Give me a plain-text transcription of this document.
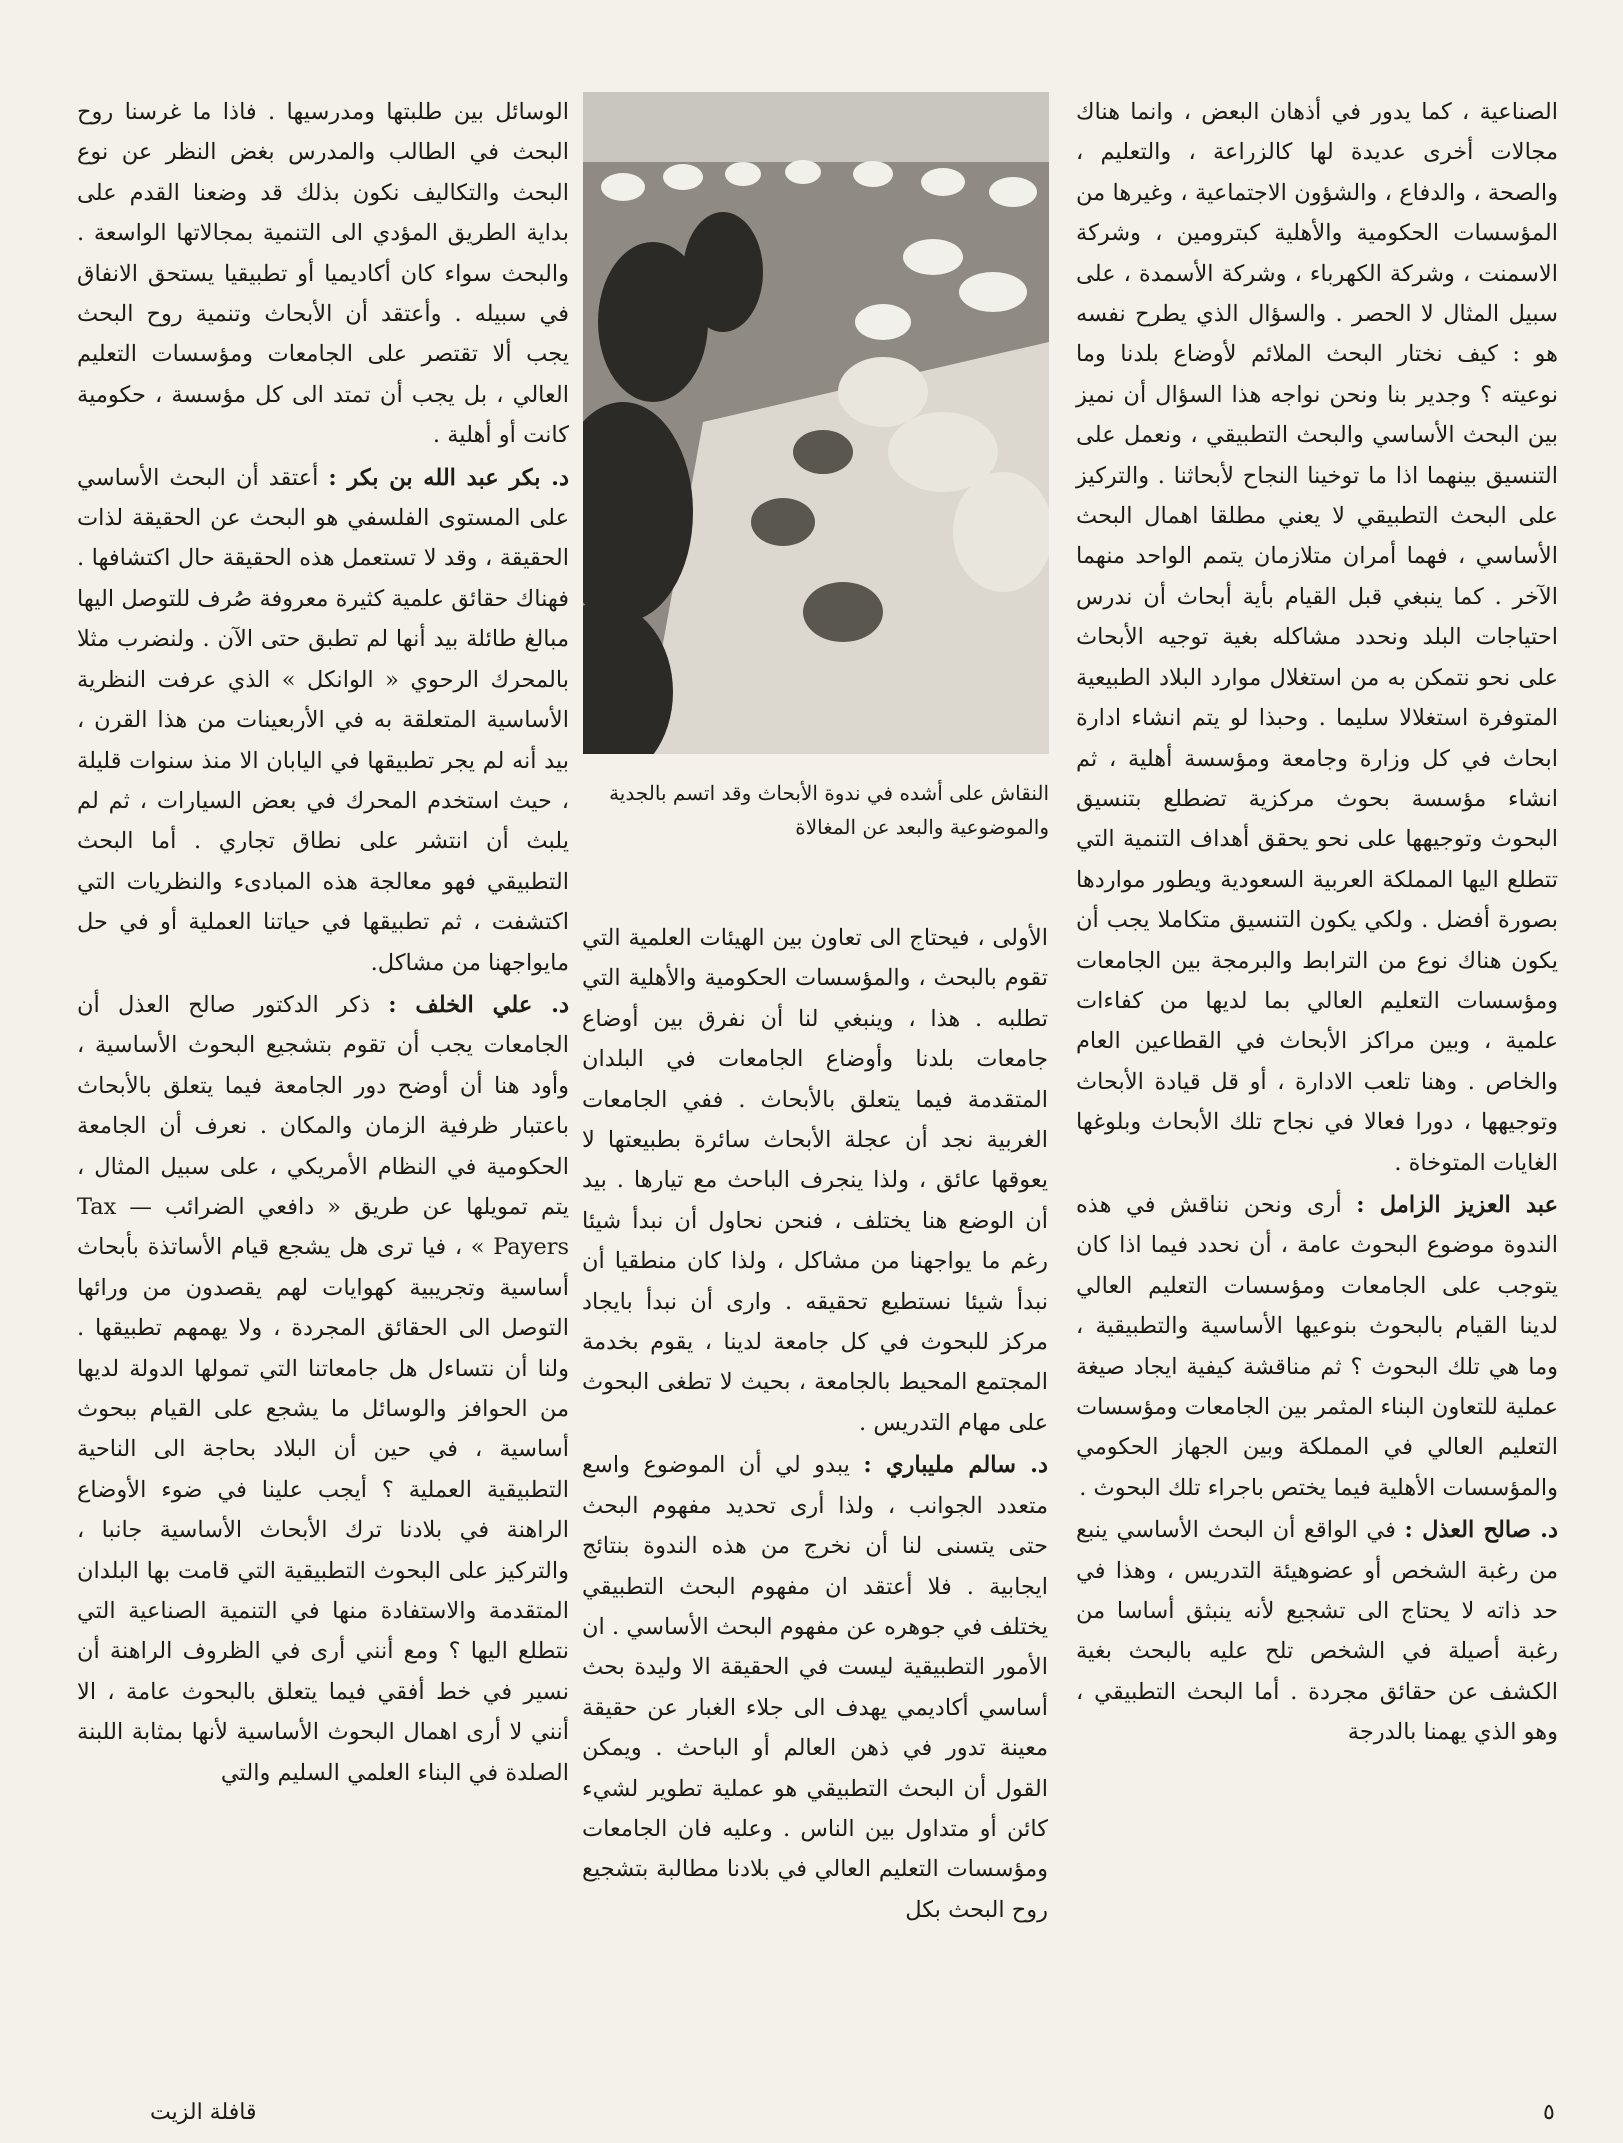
الصناعية ، كما يدور في أذهان البعض ، وانما هناك مجالات أخرى عديدة لها كالزراعة ، والتعليم ، والصحة ، والدفاع ، والشؤون الاجتماعية ، وغيرها من المؤسسات الحكومية والأهلية كبترومين ، وشركة الاسمنت ، وشركة الكهرباء ، وشركة الأسمدة ، على سبيل المثال لا الحصر . والسؤال الذي يطرح نفسه هو : كيف نختار البحث الملائم لأوضاع بلدنا وما نوعيته ؟ وجدير بنا ونحن نواجه هذا السؤال أن نميز بين البحث الأساسي والبحث التطبيقي ، ونعمل على التنسيق بينهما اذا ما توخينا النجاح لأبحاثنا . والتركيز على البحث التطبيقي لا يعني مطلقا اهمال البحث الأساسي ، فهما أمران متلازمان يتمم الواحد منهما الآخر . كما ينبغي قبل القيام بأية أبحاث أن ندرس احتياجات البلد ونحدد مشاكله بغية توجيه الأبحاث على نحو نتمكن به من استغلال موارد البلاد الطبيعية المتوفرة استغلالا سليما . وحبذا لو يتم انشاء ادارة ابحاث في كل وزارة وجامعة ومؤسسة أهلية ، ثم انشاء مؤسسة بحوث مركزية تضطلع بتنسيق البحوث وتوجيهها على نحو يحقق أهداف التنمية التي تتطلع اليها المملكة العربية السعودية ويطور مواردها بصورة أفضل . ولكي يكون التنسيق متكاملا يجب أن يكون هناك نوع من الترابط والبرمجة بين الجامعات ومؤسسات التعليم العالي بما لديها من كفاءات علمية ، وبين مراكز الأبحاث في القطاعين العام والخاص . وهنا تلعب الادارة ، أو قل قيادة الأبحاث وتوجيهها ، دورا فعالا في نجاح تلك الأبحاث وبلوغها الغايات المتوخاة .

عبد العزيز الزامل : أرى ونحن نناقش في هذه الندوة موضوع البحوث عامة ، أن نحدد فيما اذا كان يتوجب على الجامعات ومؤسسات التعليم العالي لدينا القيام بالبحوث بنوعيها الأساسية والتطبيقية ، وما هي تلك البحوث ؟ ثم مناقشة كيفية ايجاد صيغة عملية للتعاون البناء المثمر بين الجامعات ومؤسسات التعليم العالي في المملكة وبين الجهاز الحكومي والمؤسسات الأهلية فيما يختص باجراء تلك البحوث .

د. صالح العذل : في الواقع أن البحث الأساسي ينبع من رغبة الشخص أو عضوهيئة التدريس ، وهذا في حد ذاته لا يحتاج الى تشجيع لأنه ينبثق أساسا من رغبة أصيلة في الشخص تلح عليه بالبحث بغية الكشف عن حقائق مجردة . أما البحث التطبيقي ، وهو الذي يهمنا بالدرجة

النقاش على أشده في ندوة الأبحاث وقد اتسم بالجدية والموضوعية والبعد عن المغالاة

الأولى ، فيحتاج الى تعاون بين الهيئات العلمية التي تقوم بالبحث ، والمؤسسات الحكومية والأهلية التي تطلبه . هذا ، وينبغي لنا أن نفرق بين أوضاع جامعات بلدنا وأوضاع الجامعات في البلدان المتقدمة فيما يتعلق بالأبحاث . ففي الجامعات الغربية نجد أن عجلة الأبحاث سائرة بطبيعتها لا يعوقها عائق ، ولذا ينجرف الباحث مع تيارها . بيد أن الوضع هنا يختلف ، فنحن نحاول أن نبدأ شيئا رغم ما يواجهنا من مشاكل ، ولذا كان منطقيا أن نبدأ شيئا نستطيع تحقيقه . وارى أن نبدأ بايجاد مركز للبحوث في كل جامعة لدينا ، يقوم بخدمة المجتمع المحيط بالجامعة ، بحيث لا تطغى البحوث على مهام التدريس .

د. سالم مليباري : يبدو لي أن الموضوع واسع متعدد الجوانب ، ولذا أرى تحديد مفهوم البحث حتى يتسنى لنا أن نخرج من هذه الندوة بنتائج ايجابية . فلا أعتقد ان مفهوم البحث التطبيقي يختلف في جوهره عن مفهوم البحث الأساسي . ان الأمور التطبيقية ليست في الحقيقة الا وليدة بحث أساسي أكاديمي يهدف الى جلاء الغبار عن حقيقة معينة تدور في ذهن العالم أو الباحث . ويمكن القول أن البحث التطبيقي هو عملية تطوير لشيء كائن أو متداول بين الناس . وعليه فان الجامعات ومؤسسات التعليم العالي في بلادنا مطالبة بتشجيع روح البحث بكل

الوسائل بين طلبتها ومدرسيها . فاذا ما غرسنا روح البحث في الطالب والمدرس بغض النظر عن نوع البحث والتكاليف نكون بذلك قد وضعنا القدم على بداية الطريق المؤدي الى التنمية بمجالاتها الواسعة . والبحث سواء كان أكاديميا أو تطبيقيا يستحق الانفاق في سبيله . وأعتقد أن الأبحاث وتنمية روح البحث يجب ألا تقتصر على الجامعات ومؤسسات التعليم العالي ، بل يجب أن تمتد الى كل مؤسسة ، حكومية كانت أو أهلية .

د. بكر عبد الله بن بكر : أعتقد أن البحث الأساسي على المستوى الفلسفي هو البحث عن الحقيقة لذات الحقيقة ، وقد لا تستعمل هذه الحقيقة حال اكتشافها . فهناك حقائق علمية كثيرة معروفة صُرف للتوصل اليها مبالغ طائلة بيد أنها لم تطبق حتى الآن . ولنضرب مثلا بالمحرك الرحوي « الوانكل » الذي عرفت النظرية الأساسية المتعلقة به في الأربعينات من هذا القرن ، بيد أنه لم يجر تطبيقها في اليابان الا منذ سنوات قليلة ، حيث استخدم المحرك في بعض السيارات ، ثم لم يلبث أن انتشر على نطاق تجاري . أما البحث التطبيقي فهو معالجة هذه المبادىء والنظريات التي اكتشفت ، ثم تطبيقها في حياتنا العملية أو في حل مايواجهنا من مشاكل.

د. علي الخلف : ذكر الدكتور صالح العذل أن الجامعات يجب أن تقوم بتشجيع البحوث الأساسية ، وأود هنا أن أوضح دور الجامعة فيما يتعلق بالأبحاث باعتبار ظرفية الزمان والمكان . نعرف أن الجامعة الحكومية في النظام الأمريكي ، على سبيل المثال ، يتم تمويلها عن طريق « دافعي الضرائب — Tax Payers » ، فيا ترى هل يشجع قيام الأساتذة بأبحاث أساسية وتجريبية كهوايات لهم يقصدون من ورائها التوصل الى الحقائق المجردة ، ولا يهمهم تطبيقها . ولنا أن نتساءل هل جامعاتنا التي تمولها الدولة لديها من الحوافز والوسائل ما يشجع على القيام ببحوث أساسية ، في حين أن البلاد بحاجة الى الناحية التطبيقية العملية ؟ أيجب علينا في ضوء الأوضاع الراهنة في بلادنا ترك الأبحاث الأساسية جانبا ، والتركيز على البحوث التطبيقية التي قامت بها البلدان المتقدمة والاستفادة منها في التنمية الصناعية التي نتطلع اليها ؟ ومع أنني أرى في الظروف الراهنة أن نسير في خط أفقي فيما يتعلق بالبحوث عامة ، الا أنني لا أرى اهمال البحوث الأساسية لأنها بمثابة اللبنة الصلدة في البناء العلمي السليم والتي

٥
قافلة الزيت
